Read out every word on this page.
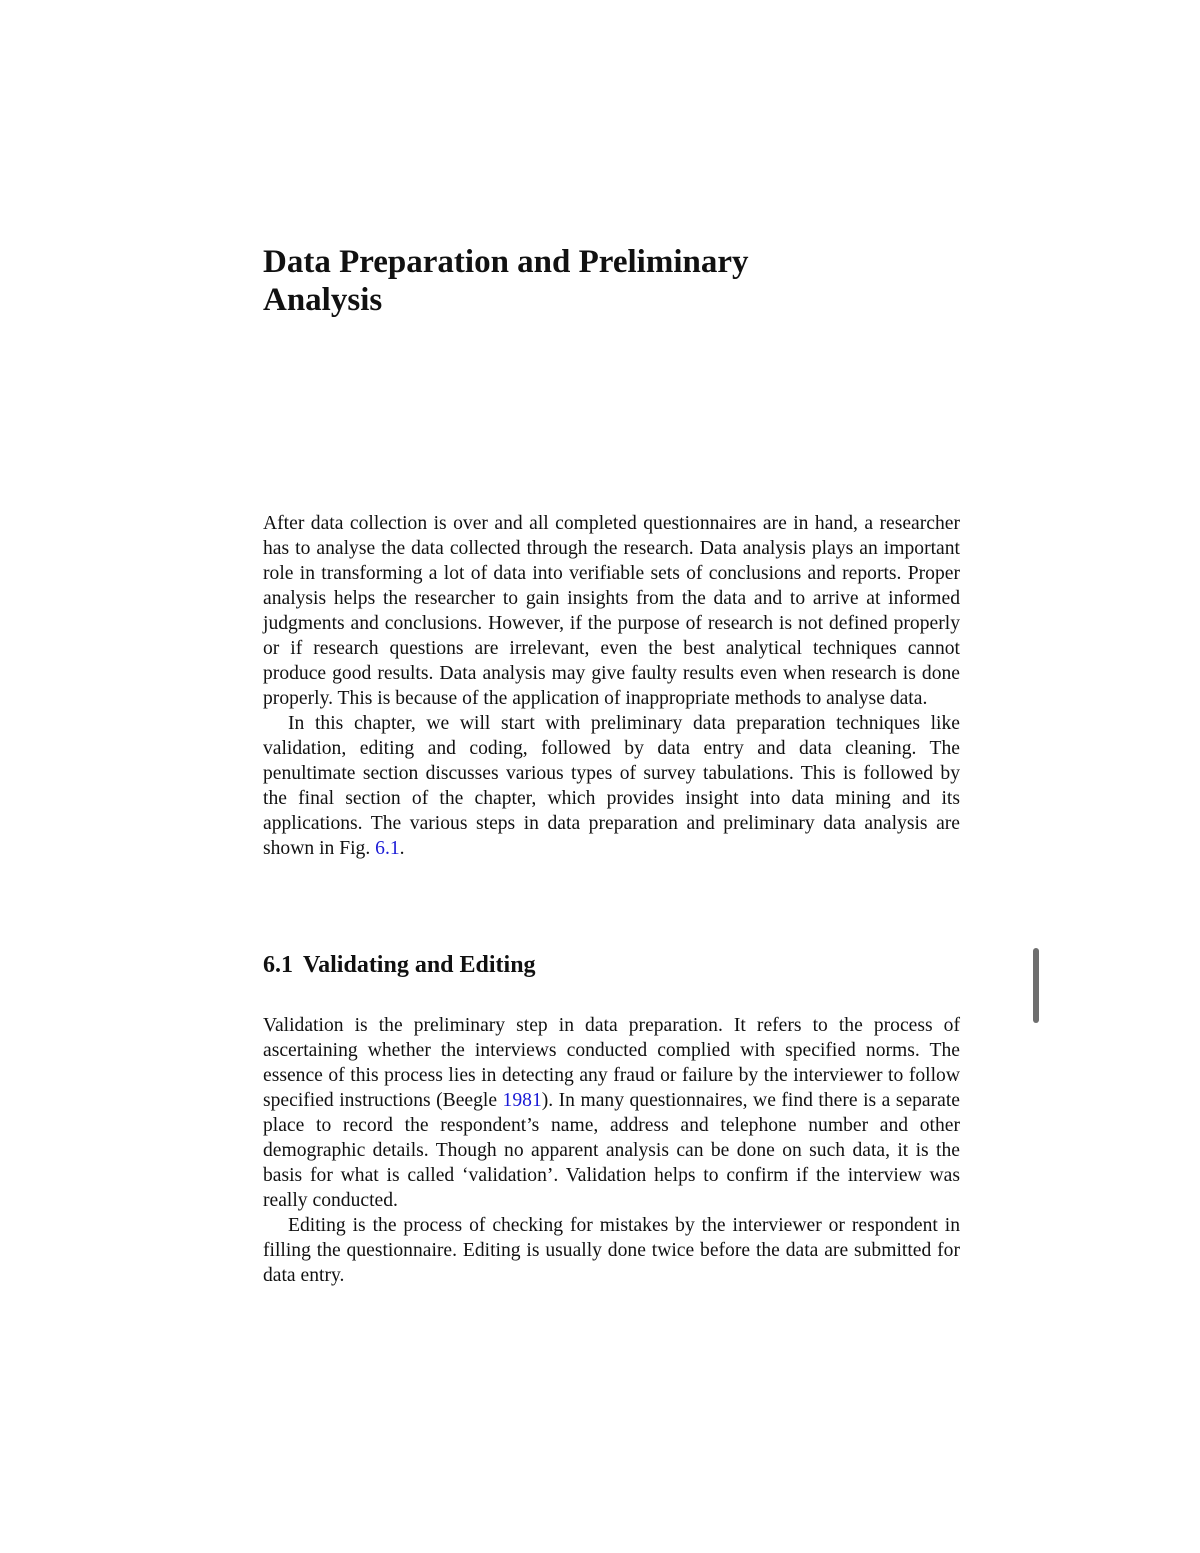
Data Preparation and Preliminary
Analysis

After data collection is over and all completed questionnaires are in hand, a researcher has to analyse the data collected through the research. Data analysis plays an important role in transforming a lot of data into verifiable sets of conclusions and reports. Proper analysis helps the researcher to gain insights from the data and to arrive at informed judgments and conclusions. However, if the purpose of research is not defined properly or if research questions are irrelevant, even the best analytical techniques cannot produce good results. Data analysis may give faulty results even when research is done properly. This is because of the application of inappropriate methods to analyse data.

In this chapter, we will start with preliminary data preparation techniques like validation, editing and coding, followed by data entry and data cleaning. The penultimate section discusses various types of survey tabulations. This is followed by the final section of the chapter, which provides insight into data mining and its applications. The various steps in data preparation and preliminary data analysis are shown in Fig. 6.1.

6.1 Validating and Editing

Validation is the preliminary step in data preparation. It refers to the process of ascertaining whether the interviews conducted complied with specified norms. The essence of this process lies in detecting any fraud or failure by the interviewer to follow specified instructions (Beegle 1981). In many questionnaires, we find there is a separate place to record the respondent’s name, address and telephone number and other demographic details. Though no apparent analysis can be done on such data, it is the basis for what is called ‘validation’. Validation helps to confirm if the interview was really conducted.

Editing is the process of checking for mistakes by the interviewer or respondent in filling the questionnaire. Editing is usually done twice before the data are submitted for data entry.
